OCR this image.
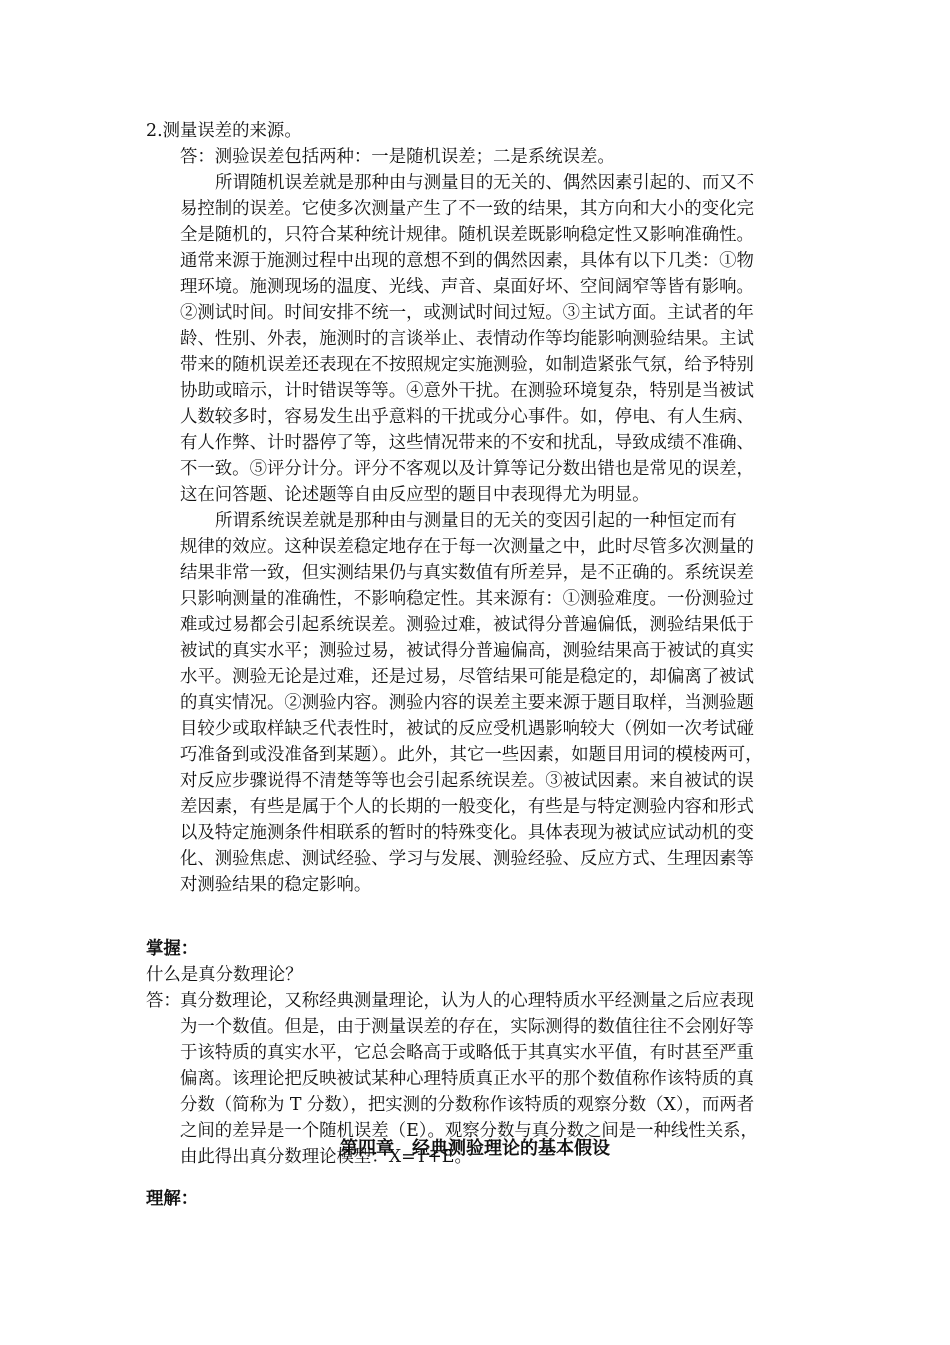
2.测量误差的来源。
答：测验误差包括两种：一是随机误差；二是系统误差。
所谓随机误差就是那种由与测量目的无关的、偶然因素引起的、而又不
易控制的误差。它使多次测量产生了不一致的结果，其方向和大小的变化完
全是随机的，只符合某种统计规律。随机误差既影响稳定性又影响准确性。
通常来源于施测过程中出现的意想不到的偶然因素，具体有以下几类：①物
理环境。施测现场的温度、光线、声音、桌面好坏、空间阔窄等皆有影响。
②测试时间。时间安排不统一，或测试时间过短。③主试方面。主试者的年
龄、性别、外表，施测时的言谈举止、表情动作等均能影响测验结果。主试
带来的随机误差还表现在不按照规定实施测验，如制造紧张气氛，给予特别
协助或暗示，计时错误等等。④意外干扰。在测验环境复杂，特别是当被试
人数较多时，容易发生出乎意料的干扰或分心事件。如，停电、有人生病、
有人作弊、计时器停了等，这些情况带来的不安和扰乱，导致成绩不准确、
不一致。⑤评分计分。评分不客观以及计算等记分数出错也是常见的误差，
这在问答题、论述题等自由反应型的题目中表现得尤为明显。
所谓系统误差就是那种由与测量目的无关的变因引起的一种恒定而有
规律的效应。这种误差稳定地存在于每一次测量之中，此时尽管多次测量的
结果非常一致，但实测结果仍与真实数值有所差异，是不正确的。系统误差
只影响测量的准确性，不影响稳定性。其来源有：①测验难度。一份测验过
难或过易都会引起系统误差。测验过难，被试得分普遍偏低，测验结果低于
被试的真实水平；测验过易，被试得分普遍偏高，测验结果高于被试的真实
水平。测验无论是过难，还是过易，尽管结果可能是稳定的，却偏离了被试
的真实情况。②测验内容。测验内容的误差主要来源于题目取样，当测验题
目较少或取样缺乏代表性时，被试的反应受机遇影响较大（例如一次考试碰
巧准备到或没准备到某题）。此外，其它一些因素，如题目用词的模棱两可，
对反应步骤说得不清楚等等也会引起系统误差。③被试因素。来自被试的误
差因素，有些是属于个人的长期的一般变化，有些是与特定测验内容和形式
以及特定施测条件相联系的暂时的特殊变化。具体表现为被试应试动机的变
化、测验焦虑、测试经验、学习与发展、测验经验、反应方式、生理因素等
对测验结果的稳定影响。
掌握：
什么是真分数理论？
答： 真分数理论，又称经典测量理论，认为人的心理特质水平经测量之后应表现
为一个数值。但是，由于测量误差的存在，实际测得的数值往往不会刚好等
于该特质的真实水平，它总会略高于或略低于其真实水平值，有时甚至严重
偏离。该理论把反映被试某种心理特质真正水平的那个数值称作该特质的真
分数（简称为 T 分数），把实测的分数称作该特质的观察分数（X），而两者
之间的差异是一个随机误差（E）。观察分数与真分数之间是一种线性关系，
由此得出真分数理论模型：X=T+E。
第四章　经典测验理论的基本假设
理解：
